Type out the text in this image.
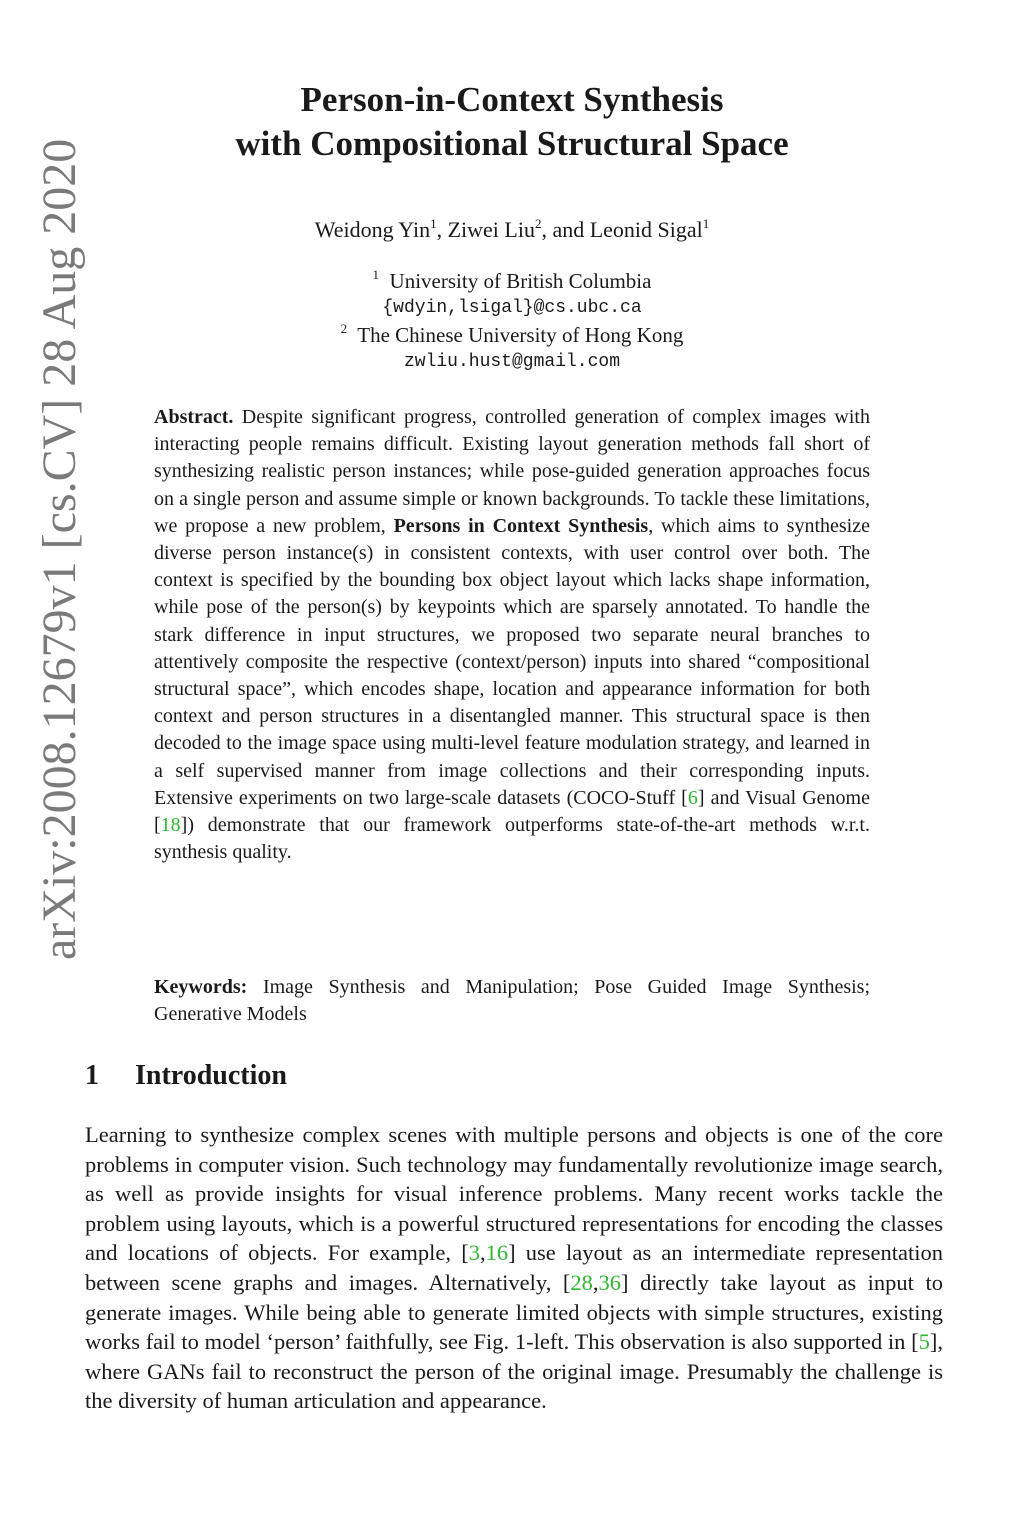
arXiv:2008.12679v1 [cs.CV] 28 Aug 2020
Person-in-Context Synthesis
with Compositional Structural Space
Weidong Yin$^1$, Ziwei Liu$^2$, and Leonid Sigal$^1$
$^1$ University of British Columbia
{wdyin,lsigal}@cs.ubc.ca
$^2$ The Chinese University of Hong Kong
zwliu.hust@gmail.com
Abstract. Despite significant progress, controlled generation of complex images with interacting people remains difficult. Existing layout generation methods fall short of synthesizing realistic person instances; while pose-guided generation approaches focus on a single person and assume simple or known backgrounds. To tackle these limitations, we propose a new problem, Persons in Context Synthesis, which aims to synthesize diverse person instance(s) in consistent contexts, with user control over both. The context is specified by the bounding box object layout which lacks shape information, while pose of the person(s) by keypoints which are sparsely annotated. To handle the stark difference in input structures, we proposed two separate neural branches to attentively composite the respective (context/person) inputs into shared “compositional structural space”, which encodes shape, location and appearance information for both context and person structures in a disentangled manner. This structural space is then decoded to the image space using multi-level feature modulation strategy, and learned in a self supervised manner from image collections and their corresponding inputs. Extensive experiments on two large-scale datasets (COCO-Stuff [6] and Visual Genome [18]) demonstrate that our framework outperforms state-of-the-art methods w.r.t. synthesis quality.
Keywords: Image Synthesis and Manipulation; Pose Guided Image Synthesis; Generative Models
1 Introduction
Learning to synthesize complex scenes with multiple persons and objects is one of the core problems in computer vision. Such technology may fundamentally revolutionize image search, as well as provide insights for visual inference problems. Many recent works tackle the problem using layouts, which is a powerful structured representations for encoding the classes and locations of objects. For example, [3,16] use layout as an intermediate representation between scene graphs and images. Alternatively, [28,36] directly take layout as input to generate images. While being able to generate limited objects with simple structures, existing works fail to model ‘person’ faithfully, see Fig. 1-left. This observation is also supported in [5], where GANs fail to reconstruct the person of the original image. Presumably the challenge is the diversity of human articulation and appearance.
